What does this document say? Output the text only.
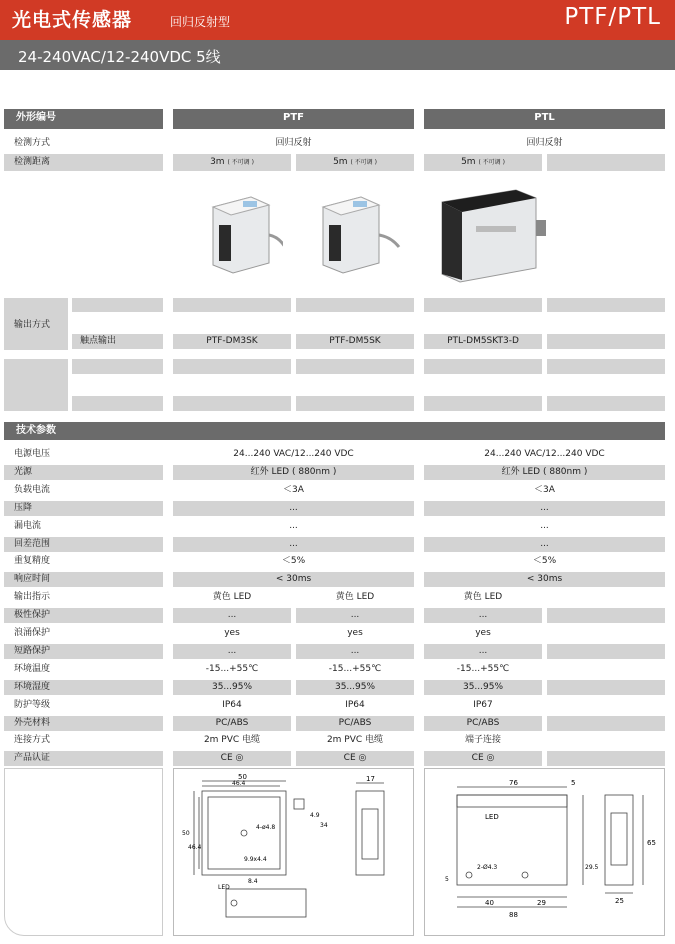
光电式传感器	回归反射型	PTF/PTL
24-240VAC/12-240VDC 5线
外形编号	PTF	PTL
检测方式	回归反射	回归反射
检测距离	3m ( 不可调 )	5m ( 不可调 )	5m ( 不可调 )
输出方式
触点输出	PTF-DM3SK	PTF-DM5SK	PTL-DM5SKT3-D
技术参数
电源电压	24...240 VAC/12...240 VDC	24...240 VAC/12...240 VDC
光源	红外 LED ( 880nm )	红外 LED ( 880nm )
负载电流	＜3A	＜3A
压降	...	...
漏电流	...	...
回差范围	...	...
重复精度	＜5%	＜5%
响应时间	< 30ms	< 30ms
输出指示	黄色 LED	黄色 LED	黄色 LED
极性保护	...	...	...
浪涌保护	yes	yes	yes
短路保护	...	...	...
环境温度	-15...+55℃	-15...+55℃	-15...+55℃
环境湿度	35...95%	35...95%	35...95%
防护等级	IP64	IP64	IP67
外壳材料	PC/ABS	PC/ABS	PC/ABS
连接方式	2m PVC 电缆	2m PVC 电缆	端子连接
产品认证	CE ◎	CE ◎	CE ◎
50
46.4
17
50
46.4
4.9
34
4-ø4.8
9.9x4.4
8.4
LED
76	5
LED
2-Ø4.3
40	29
88
29.5
5
65
25
